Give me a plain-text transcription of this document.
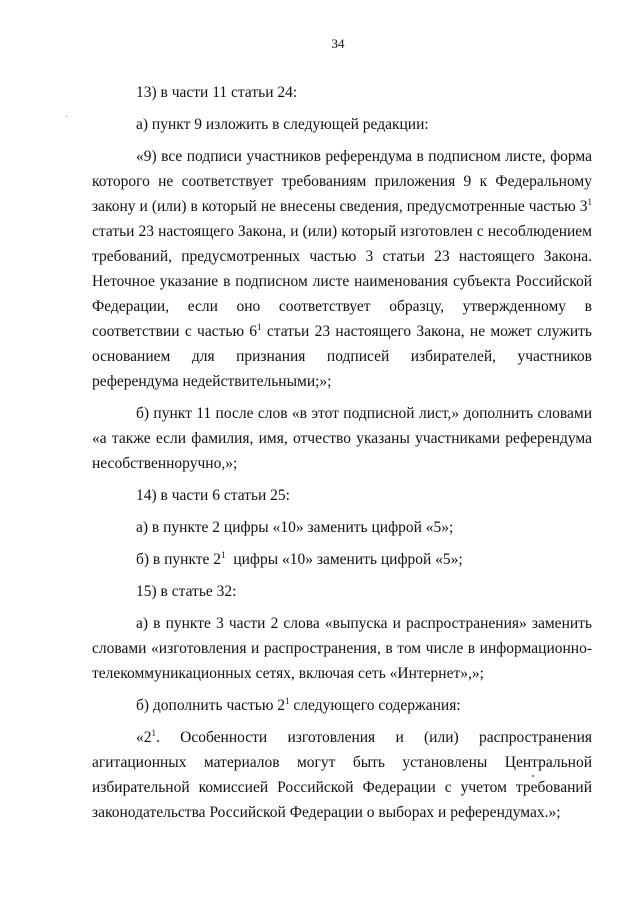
34

13) в части 11 статьи 24:

а) пункт 9 изложить в следующей редакции:

«9) все подписи участников референдума в подписном листе, форма которого не соответствует требованиям приложения 9 к Федеральному закону и (или) в который не внесены сведения, предусмотренные частью $3^1$ статьи 23 настоящего Закона, и (или) который изготовлен с несоблюдением требований, предусмотренных частью 3 статьи 23 настоящего Закона. Неточное указание в подписном листе наименования субъекта Российской Федерации, если оно соответствует образцу, утвержденному в соответствии с частью $6^1$ статьи 23 настоящего Закона, не может служить основанием для признания подписей избирателей, участников референдума недействительными;»;

б) пункт 11 после слов «в этот подписной лист,» дополнить словами «а также если фамилия, имя, отчество указаны участниками референдума несобственноручно,»;

14) в части 6 статьи 25:

а) в пункте 2 цифры «10» заменить цифрой «5»;

б) в пункте $2^1$  цифры «10» заменить цифрой «5»;

15) в статье 32:

а) в пункте 3 части 2 слова «выпуска и распространения» заменить словами «изготовления и распространения, в том числе в информационно-телекоммуникационных сетях, включая сеть «Интернет»,»;

б) дополнить частью $2^1$ следующего содержания:

«$2^1$. Особенности изготовления и (или) распространения агитационных материалов могут быть установлены Центральной избирательной комиссией Российской Федерации с учетом требований законодательства Российской Федерации о выборах и референдумах.»;
